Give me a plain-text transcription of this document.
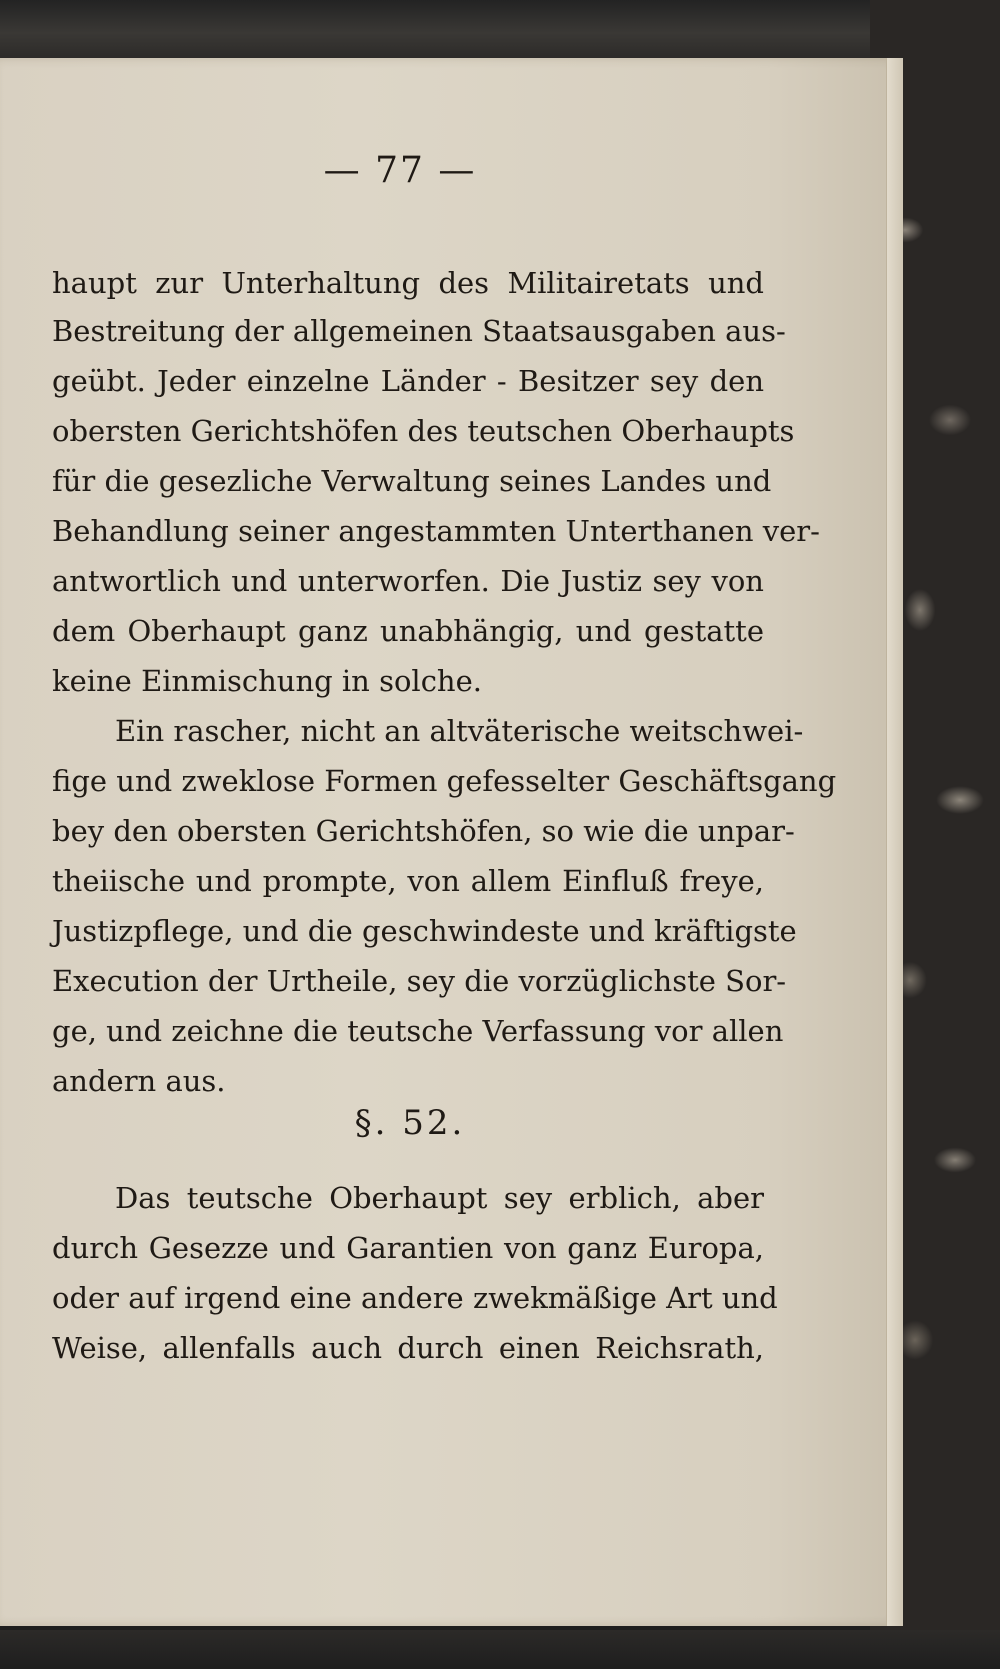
— 77 —
haupt zur Unterhaltung des Militairetats und
Bestreitung der allgemeinen Staatsausgaben aus-
geübt. Jeder einzelne Länder - Besitzer sey den
obersten Gerichtshöfen des teutschen Oberhaupts
für die gesezliche Verwaltung seines Landes und
Behandlung seiner angestammten Unterthanen ver-
antwortlich und unterworfen. Die Justiz sey von
dem Oberhaupt ganz unabhängig, und gestatte
keine Einmischung in solche.
Ein rascher, nicht an altväterische weitschwei-
fige und zweklose Formen gefesselter Geschäftsgang
bey den obersten Gerichtshöfen, so wie die unpar-
theiische und prompte, von allem Einfluß freye,
Justizpflege, und die geschwindeste und kräftigste
Execution der Urtheile, sey die vorzüglichste Sor-
ge, und zeichne die teutsche Verfassung vor allen
andern aus.
§. 52.
Das teutsche Oberhaupt sey erblich, aber
durch Gesezze und Garantien von ganz Europa,
oder auf irgend eine andere zwekmäßige Art und
Weise, allenfalls auch durch einen Reichsrath,
